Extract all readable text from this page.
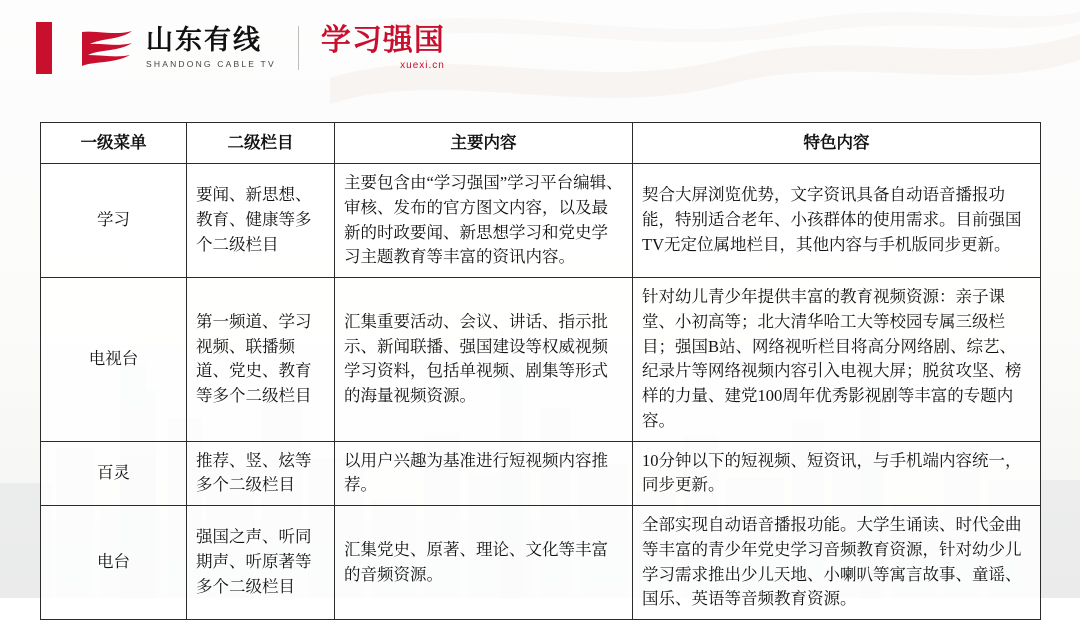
山东有线
SHANDONG CABLE TV
学习强国
xuexi.cn
一级菜单	二级栏目	主要内容	特色内容
学习	要闻、新思想、教育、健康等多个二级栏目	主要包含由“学习强国”学习平台编辑、审核、发布的官方图文内容，以及最新的时政要闻、新思想学习和党史学习主题教育等丰富的资讯内容。	契合大屏浏览优势，文字资讯具备自动语音播报功能，特别适合老年、小孩群体的使用需求。目前强国TV无定位属地栏目，其他内容与手机版同步更新。
电视台	第一频道、学习视频、联播频道、党史、教育等多个二级栏目	汇集重要活动、会议、讲话、指示批示、新闻联播、强国建设等权威视频学习资料，包括单视频、剧集等形式的海量视频资源。	针对幼儿青少年提供丰富的教育视频资源：亲子课堂、小初高等；北大清华哈工大等校园专属三级栏目；强国B站、网络视听栏目将高分网络剧、综艺、纪录片等网络视频内容引入电视大屏；脱贫攻坚、榜样的力量、建党100周年优秀影视剧等丰富的专题内容。
百灵	推荐、竖、炫等多个二级栏目	以用户兴趣为基准进行短视频内容推荐。	10分钟以下的短视频、短资讯，与手机端内容统一，同步更新。
电台	强国之声、听同期声、听原著等多个二级栏目	汇集党史、原著、理论、文化等丰富的音频资源。	全部实现自动语音播报功能。大学生诵读、时代金曲等丰富的青少年党史学习音频教育资源，针对幼少儿学习需求推出少儿天地、小喇叭等寓言故事、童谣、国乐、英语等音频教育资源。
